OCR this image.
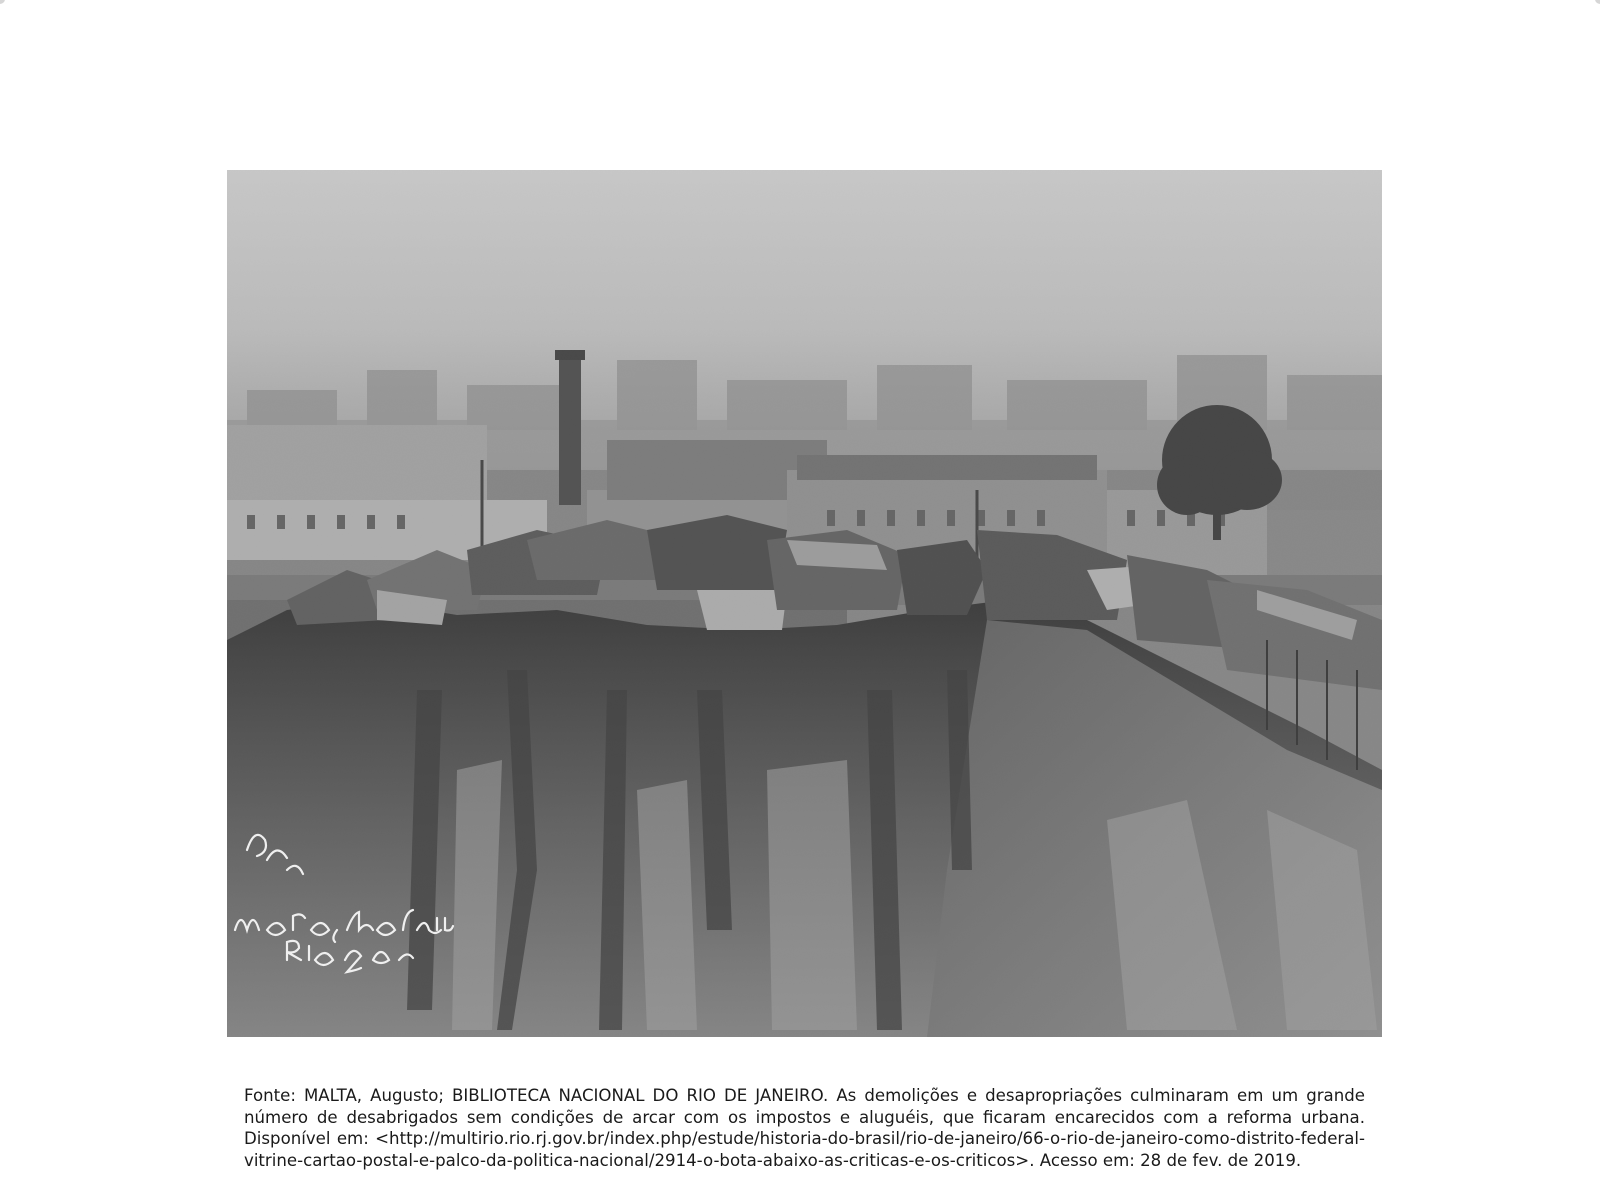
Fonte: MALTA, Augusto; BIBLIOTECA NACIONAL DO RIO DE JANEIRO. As demolições e desapropriações culminaram em um grande número de desabrigados sem condições de arcar com os impostos e aluguéis, que ficaram encarecidos com a reforma urbana. Disponível em: <http://multirio.rio.rj.gov.br/index.php/estude/historia-do-brasil/rio-de-janeiro/66-o-rio-de-janeiro-como-distrito-federal-vitrine-cartao-postal-e-palco-da-politica-nacional/2914-o-bota-abaixo-as-criticas-e-os-criticos>. Acesso em: 28 de fev. de 2019.
